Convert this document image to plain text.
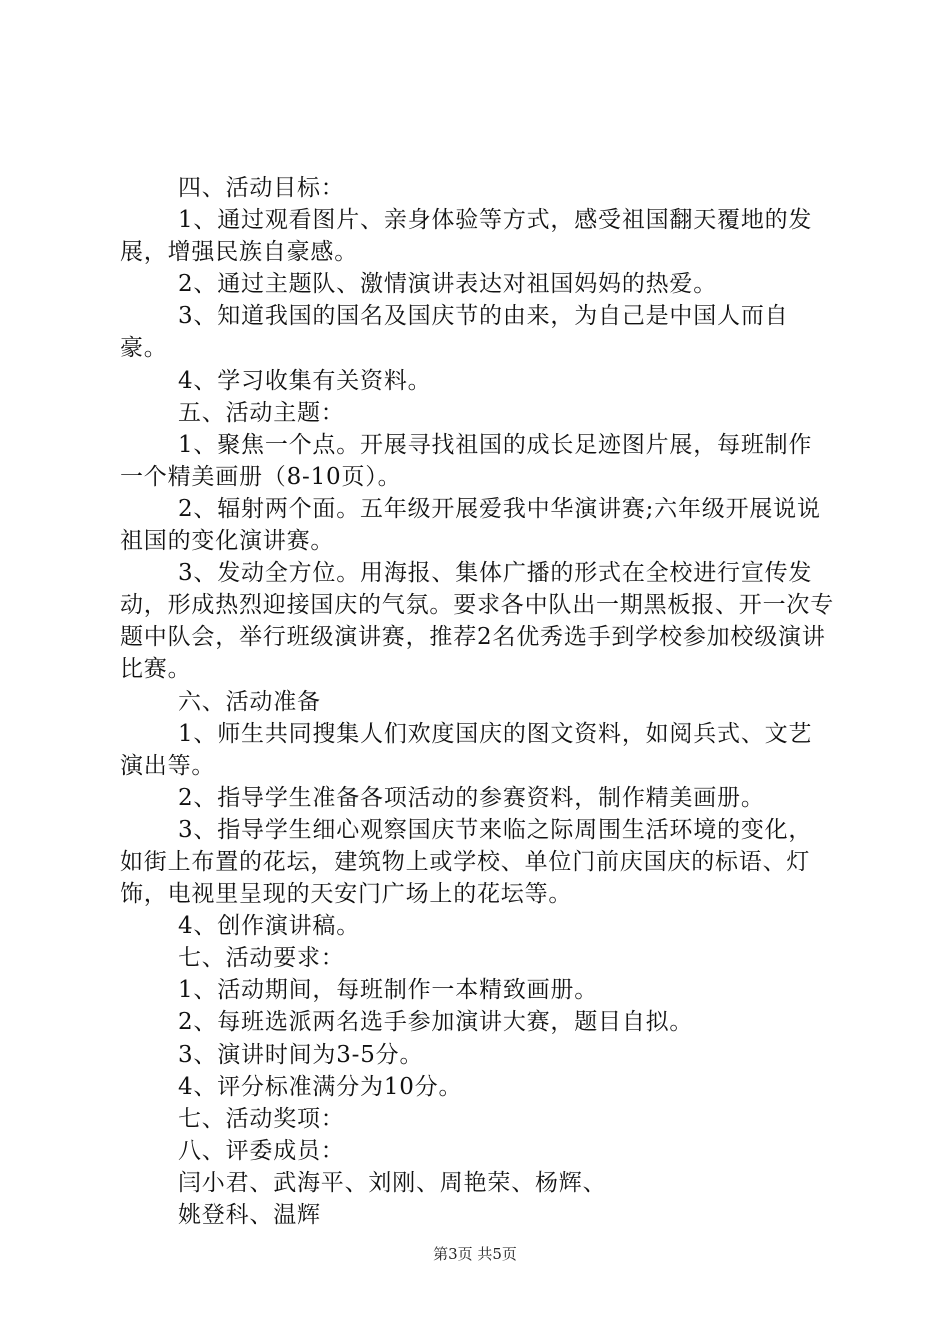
四、活动目标：

1、通过观看图片、亲身体验等方式，感受祖国翻天覆地的发展，增强民族自豪感。

2、通过主题队、激情演讲表达对祖国妈妈的热爱。

3、知道我国的国名及国庆节的由来，为自己是中国人而自豪。

4、学习收集有关资料。

五、活动主题：

1、聚焦一个点。开展寻找祖国的成长足迹图片展，每班制作一个精美画册（8-10页）。

2、辐射两个面。五年级开展爱我中华演讲赛;六年级开展说说祖国的变化演讲赛。

3、发动全方位。用海报、集体广播的形式在全校进行宣传发动，形成热烈迎接国庆的气氛。要求各中队出一期黑板报、开一次专题中队会，举行班级演讲赛，推荐2名优秀选手到学校参加校级演讲比赛。

六、活动准备

1、师生共同搜集人们欢度国庆的图文资料，如阅兵式、文艺演出等。

2、指导学生准备各项活动的参赛资料，制作精美画册。

3、指导学生细心观察国庆节来临之际周围生活环境的变化，如街上布置的花坛，建筑物上或学校、单位门前庆国庆的标语、灯饰，电视里呈现的天安门广场上的花坛等。

4、创作演讲稿。

七、活动要求：

1、活动期间，每班制作一本精致画册。

2、每班选派两名选手参加演讲大赛，题目自拟。

3、演讲时间为3-5分。

4、评分标准满分为10分。

七、活动奖项：

八、评委成员：

闫小君、武海平、刘刚、周艳荣、杨辉、

姚登科、温辉

第3页 共5页
